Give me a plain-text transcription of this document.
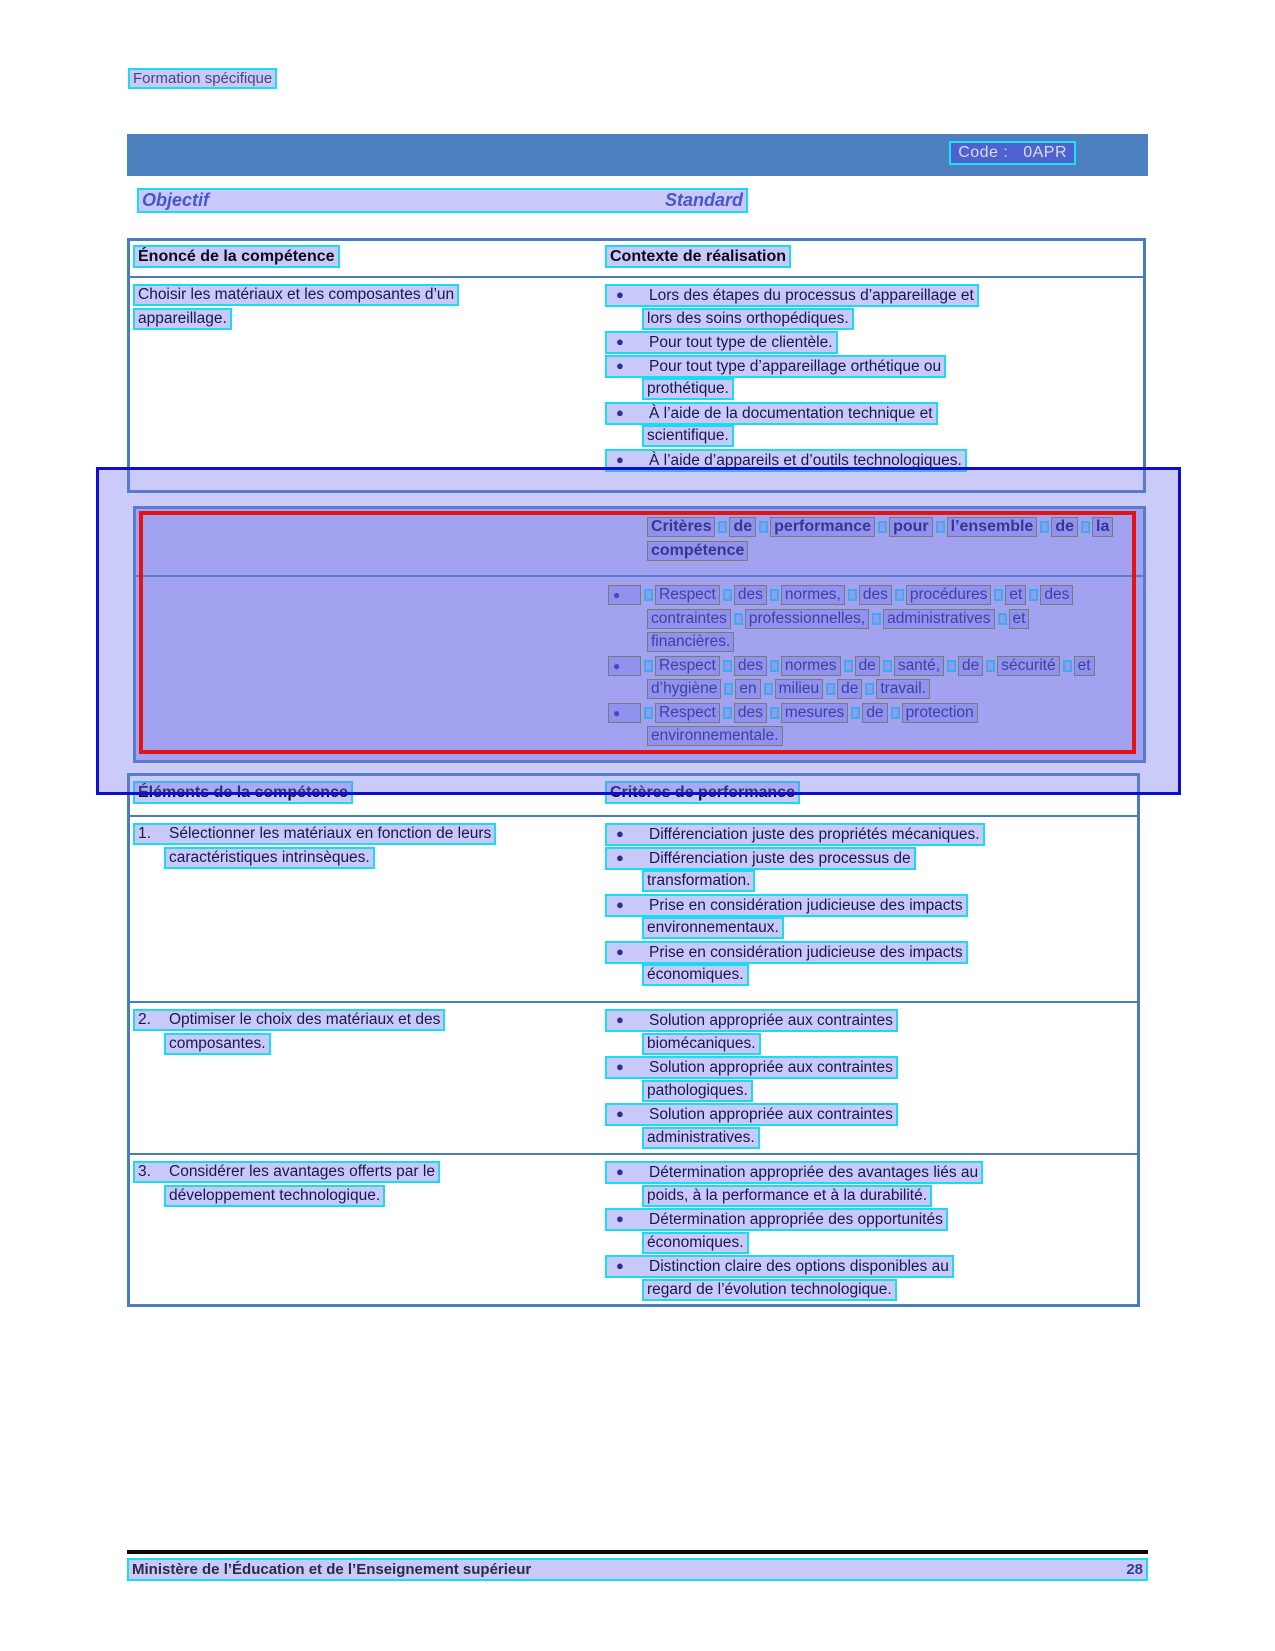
Formation spécifique
Code :   0APR
Objectif	Standard
Énoncé de la compétence	Contexte de réalisation
Choisir les matériaux et les composantes d’un
appareillage.
● Lors des étapes du processus d’appareillage et
lors des soins orthopédiques.
● Pour tout type de clientèle.
● Pour tout type d’appareillage orthétique ou
prothétique.
● À l’aide de la documentation technique et
scientifique.
● À l’aide d’appareils et d’outils technologiques.
Critères de performance pour l’ensemble de la
compétence
●	Respect des normes, des procédures et des
contraintes professionnelles, administratives et
financières.
●	Respect des normes de santé, de sécurité et
d’hygiène en milieu de travail.
●	Respect des mesures de protection
environnementale.
Éléments de la compétence	Critères de performance
1. Sélectionner les matériaux en fonction de leurs
caractéristiques intrinsèques.
● Différenciation juste des propriétés mécaniques.
● Différenciation juste des processus de
transformation.
● Prise en considération judicieuse des impacts
environnementaux.
● Prise en considération judicieuse des impacts
économiques.
2. Optimiser le choix des matériaux et des
composantes.
● Solution appropriée aux contraintes
biomécaniques.
● Solution appropriée aux contraintes
pathologiques.
● Solution appropriée aux contraintes
administratives.
3. Considérer les avantages offerts par le
développement technologique.
● Détermination appropriée des avantages liés au
poids, à la performance et à la durabilité.
● Détermination appropriée des opportunités
économiques.
● Distinction claire des options disponibles au
regard de l’évolution technologique.
Ministère de l’Éducation et de l’Enseignement supérieur	28
